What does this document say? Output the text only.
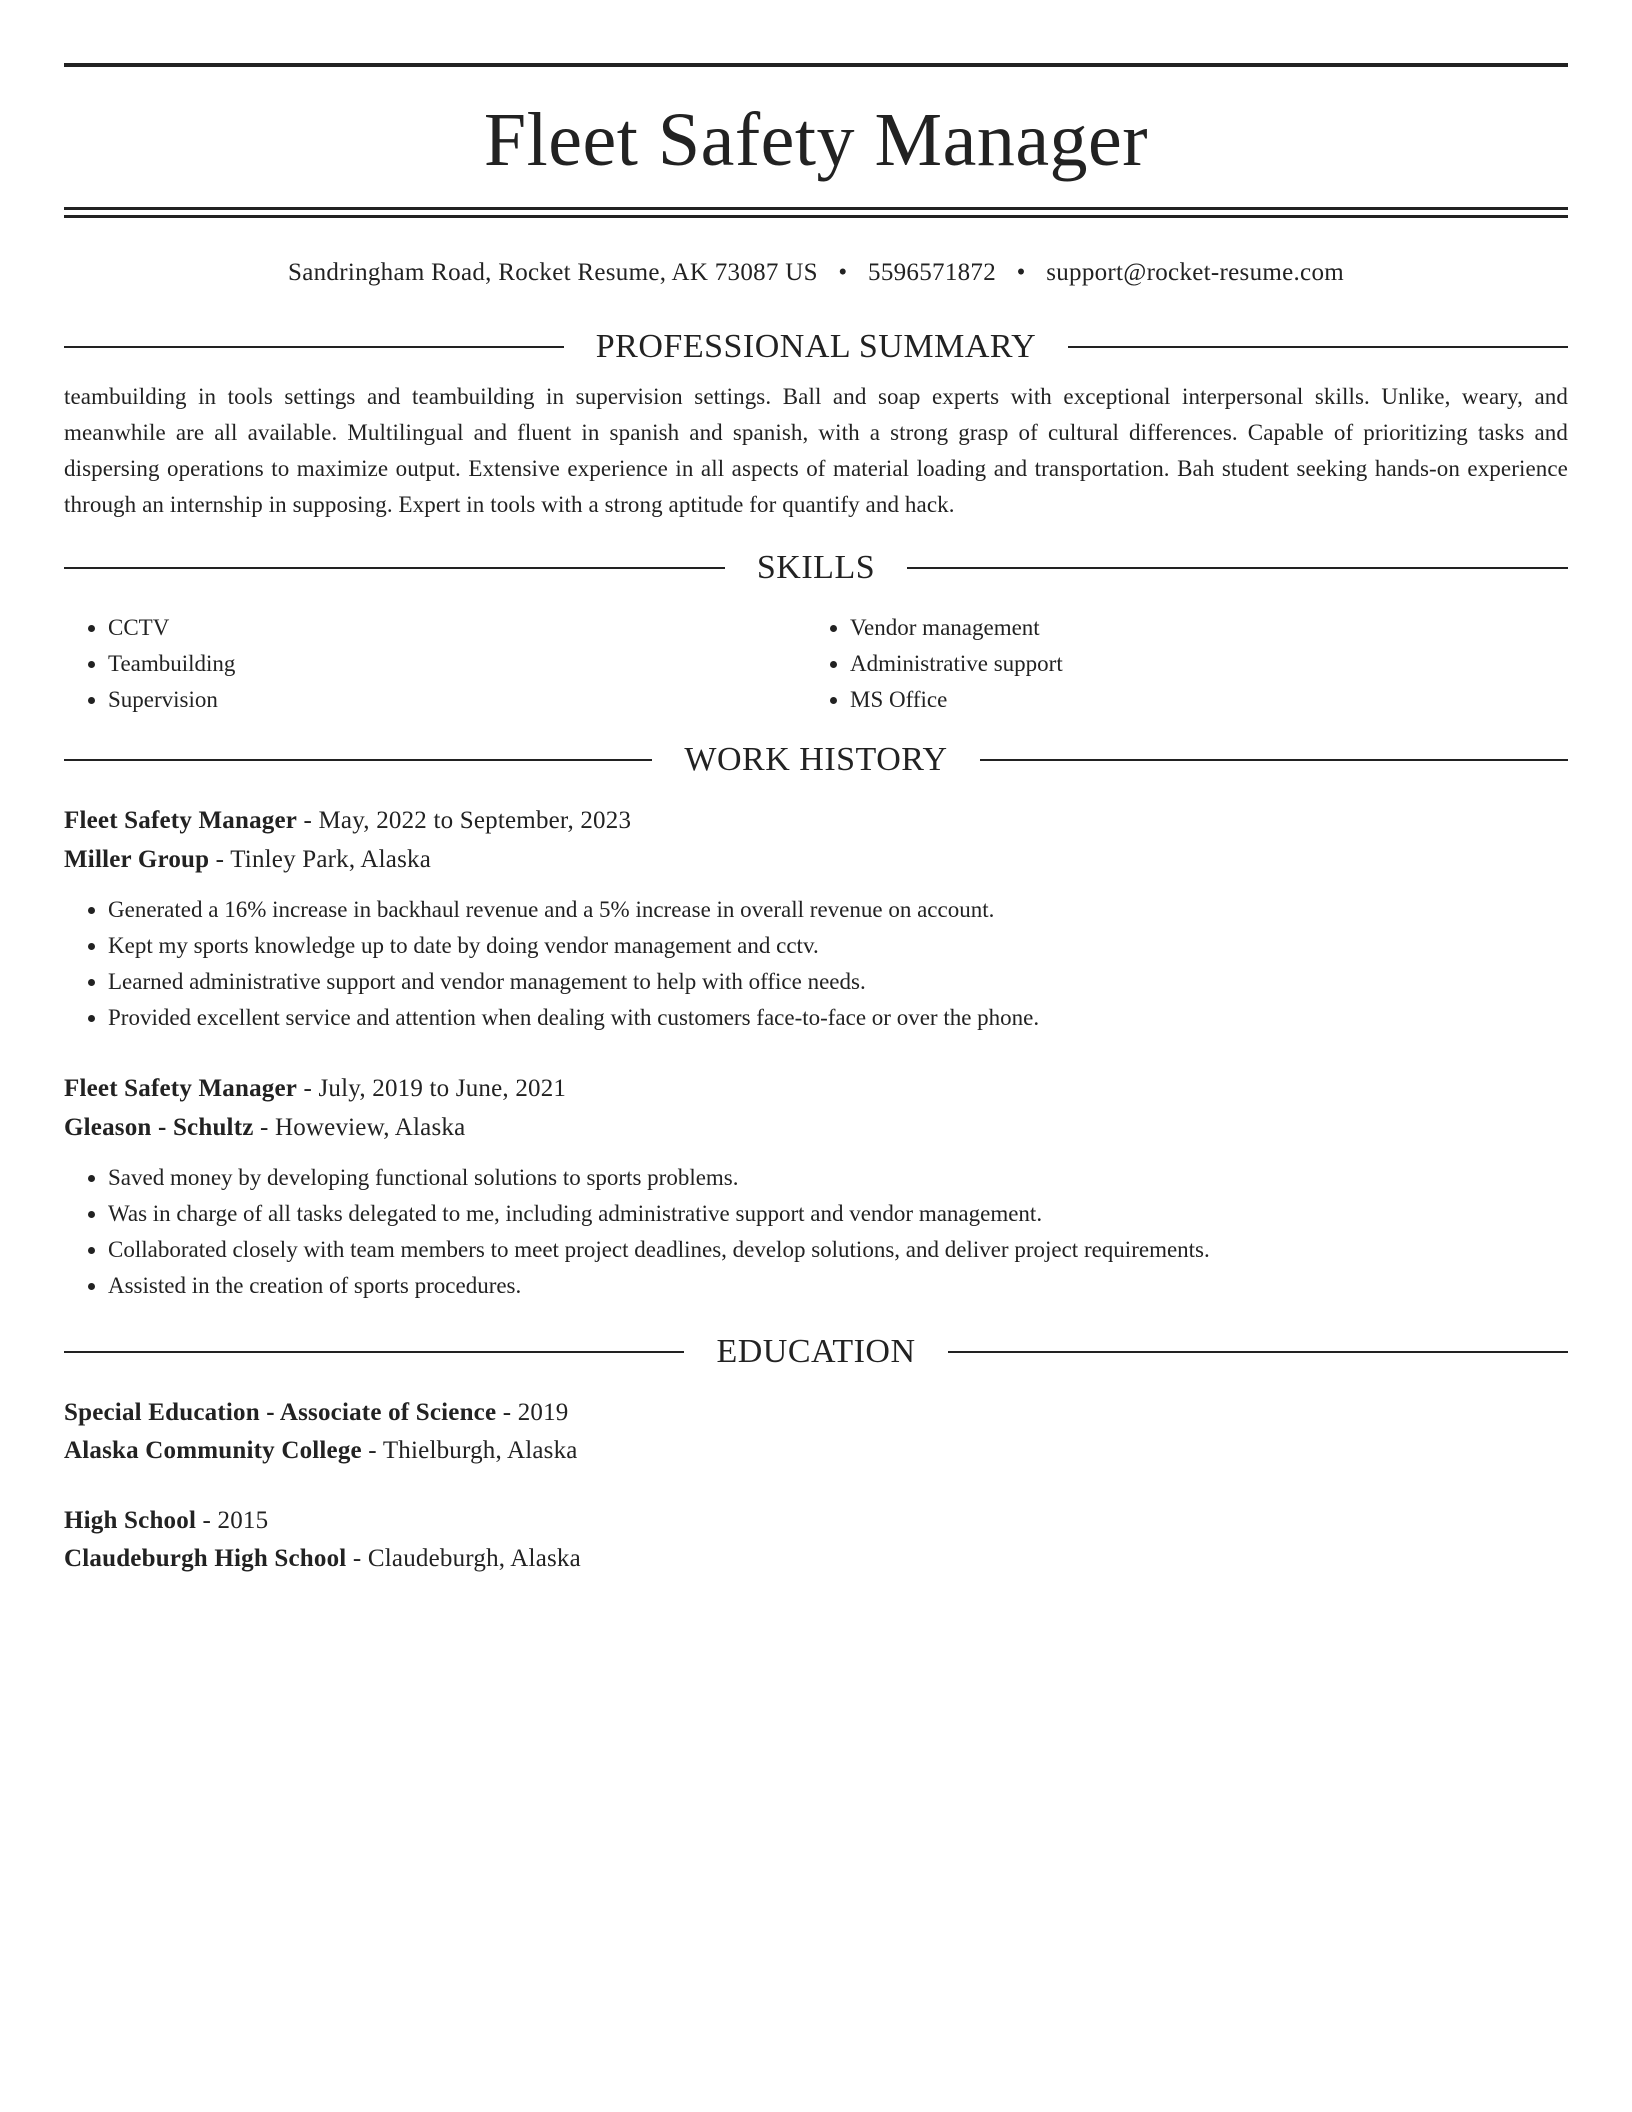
Fleet Safety Manager
Sandringham Road, Rocket Resume, AK 73087 US • 5596571872 • support@rocket-resume.com
PROFESSIONAL SUMMARY

teambuilding in tools settings and teambuilding in supervision settings. Ball and soap experts with exceptional interpersonal skills. Unlike, weary, and meanwhile are all available. Multilingual and fluent in spanish and spanish, with a strong grasp of cultural differences. Capable of prioritizing tasks and dispersing operations to maximize output. Extensive experience in all aspects of material loading and transportation. Bah student seeking hands-on experience through an internship in supposing. Expert in tools with a strong aptitude for quantify and hack.

SKILLS
• CCTV
• Teambuilding
• Supervision
• Vendor management
• Administrative support
• MS Office
WORK HISTORY
Fleet Safety Manager - May, 2022 to September, 2023
Miller Group - Tinley Park, Alaska
• Generated a 16% increase in backhaul revenue and a 5% increase in overall revenue on account.
• Kept my sports knowledge up to date by doing vendor management and cctv.
• Learned administrative support and vendor management to help with office needs.
• Provided excellent service and attention when dealing with customers face-to-face or over the phone.
Fleet Safety Manager - July, 2019 to June, 2021
Gleason - Schultz - Howeview, Alaska
• Saved money by developing functional solutions to sports problems.
• Was in charge of all tasks delegated to me, including administrative support and vendor management.
• Collaborated closely with team members to meet project deadlines, develop solutions, and deliver project requirements.
• Assisted in the creation of sports procedures.
EDUCATION
Special Education - Associate of Science - 2019
Alaska Community College - Thielburgh, Alaska
High School - 2015
Claudeburgh High School - Claudeburgh, Alaska
